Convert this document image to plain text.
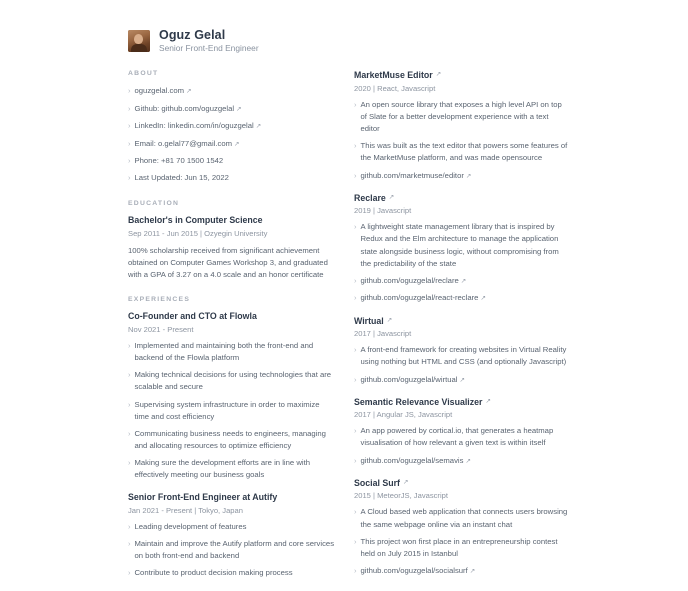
Oguz Gelal
Senior Front-End Engineer
ABOUT
› oguzgelal.com ↗
› Github: github.com/oguzgelal ↗
› LinkedIn: linkedin.com/in/oguzgelal ↗
› Email: o.gelal77@gmail.com ↗
› Phone: +81 70 1500 1542
› Last Updated: Jun 15, 2022
EDUCATION
Bachelor's in Computer Science
Sep 2011 - Jun 2015 | Ozyegin University
100% scholarship received from significant achievement obtained on Computer Games Workshop 3, and graduated with a GPA of 3.27 on a 4.0 scale and an honor certificate
EXPERIENCES
Co-Founder and CTO at Flowla
Nov 2021 - Present
› Implemented and maintaining both the front-end and backend of the Flowla platform
› Making technical decisions for using technologies that are scalable and secure
› Supervising system infrastructure in order to maximize time and cost efficiency
› Communicating business needs to engineers, managing and allocating resources to optimize efficiency
› Making sure the development efforts are in line with effectively meeting our business goals
Senior Front-End Engineer at Autify
Jan 2021 - Present | Tokyo, Japan
› Leading development of features
› Maintain and improve the Autify platform and core services on both front-end and backend
› Contribute to product decision making process
MarketMuse Editor ↗
2020 | React, Javascript
› An open source library that exposes a high level API on top of Slate for a better development experience with a text editor
› This was built as the text editor that powers some features of the MarketMuse platform, and was made opensource
› github.com/marketmuse/editor ↗
Reclare ↗
2019 | Javascript
› A lightweight state management library that is inspired by Redux and the Elm architecture to manage the application state alongside business logic, without compromising from the predictability of the state
› github.com/oguzgelal/reclare ↗
› github.com/oguzgelal/react-reclare ↗
Wirtual ↗
2017 | Javascript
› A front-end framework for creating websites in Virtual Reality using nothing but HTML and CSS (and optionally Javascript)
› github.com/oguzgelal/wirtual ↗
Semantic Relevance Visualizer ↗
2017 | Angular JS, Javascript
› An app powered by cortical.io, that generates a heatmap visualisation of how relevant a given text is within itself
› github.com/oguzgelal/semavis ↗
Social Surf ↗
2015 | MeteorJS, Javascript
› A Cloud based web application that connects users browsing the same webpage online via an instant chat
› This project won first place in an entrepreneurship contest held on July 2015 in Istanbul
› github.com/oguzgelal/socialsurf ↗
